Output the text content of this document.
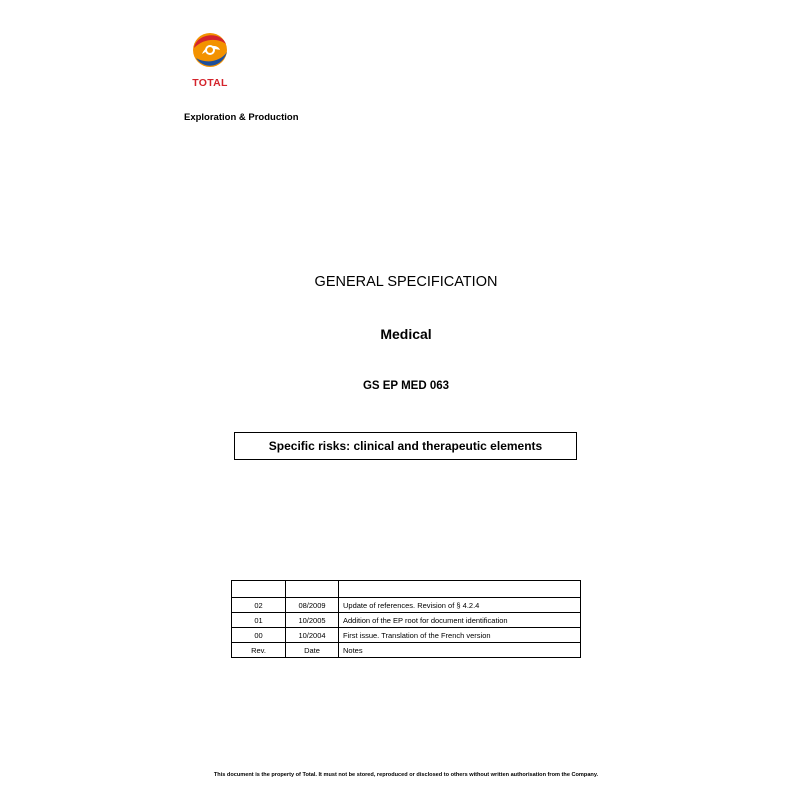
TOTAL
Exploration & Production
GENERAL SPECIFICATION
Medical
GS EP MED 063
Specific risks: clinical and therapeutic elements

02	08/2009	Update of references. Revision of § 4.2.4
01	10/2005	Addition of the EP root for document identification
00	10/2004	First issue. Translation of the French version
Rev.	Date	Notes
This document is the property of Total. It must not be stored, reproduced or disclosed to others without written authorisation from the Company.
